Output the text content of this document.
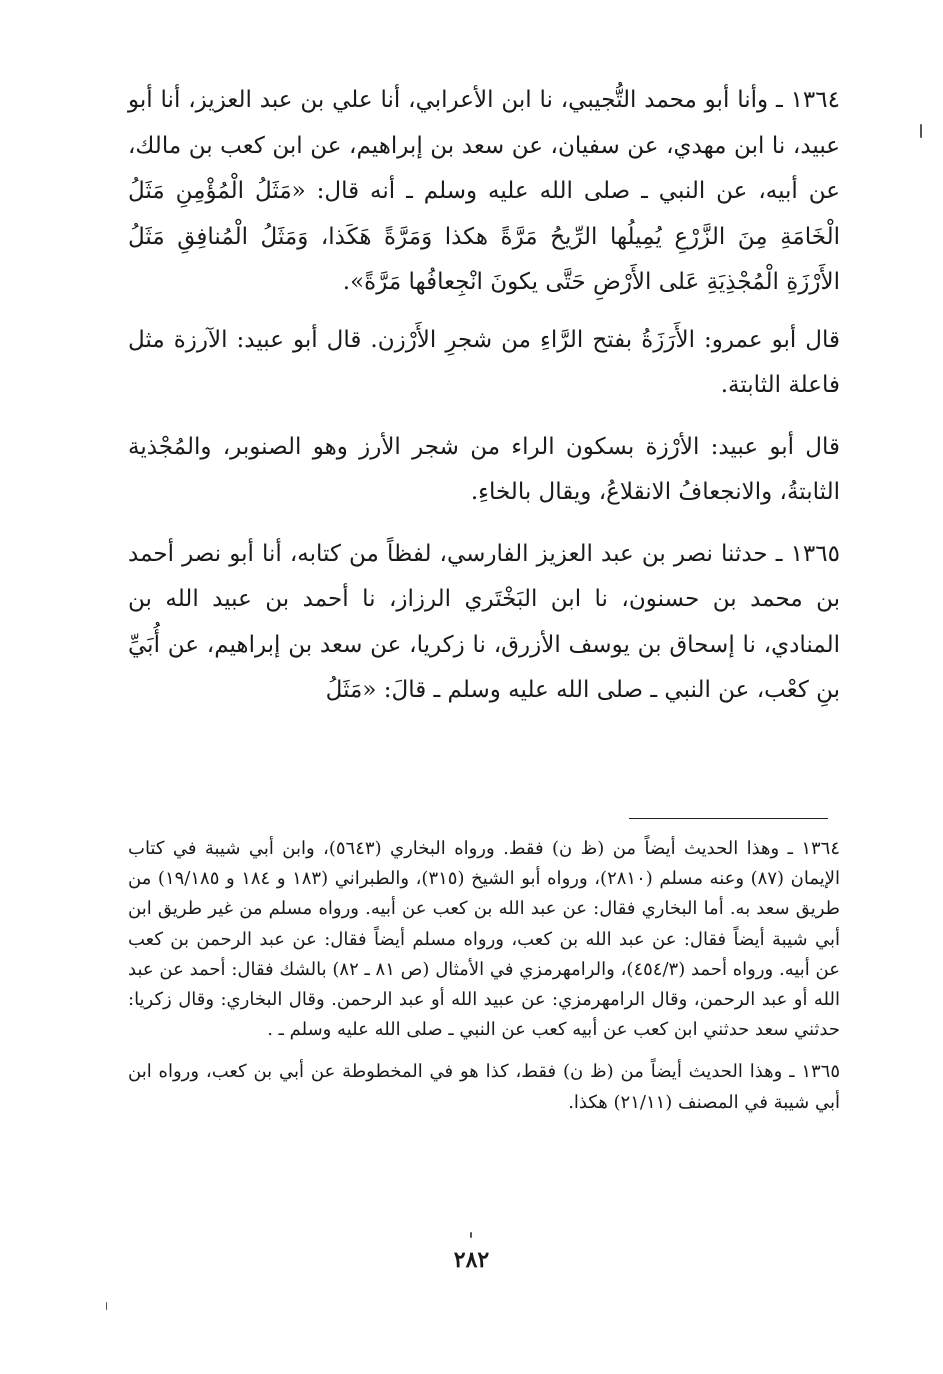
١٣٦٤ ـ وأنا أبو محمد التُّجيبي، نا ابن الأعرابي، أنا علي بن عبد العزيز، أنا أبو عبيد، نا ابن مهدي، عن سفيان، عن سعد بن إبراهيم، عن ابن كعب بن مالك، عن أبيه، عن النبي ـ صلى الله عليه وسلم ـ أنه قال: «مَثَلُ الْمُؤْمِنِ مَثَلُ الْخَامَةِ مِنَ الزَّرْعِ يُمِيلُها الرِّيحُ مَرَّةً هكذا وَمَرَّةً هَكَذا، وَمَثَلُ الْمُنافِقِ مَثَلُ الأَرْزَةِ الْمُجْذِيَةِ عَلى الأَرْضِ حَتَّى يكونَ انْجِعافُها مَرَّةً».

قال أبو عمرو: الأَرَزَةُ بفتح الرَّاءِ من شجرِ الأَرْزن. قال أبو عبيد: الآرزة مثل فاعلة الثابتة.

قال أبو عبيد: الأرْزة بسكون الراء من شجر الأرز وهو الصنوبر، والمُجْذية الثابتةُ، والانجعافُ الانقلاعُ، ويقال بالخاءِ.

١٣٦٥ ـ حدثنا نصر بن عبد العزيز الفارسي، لفظاً من كتابه، أنا أبو نصر أحمد بن محمد بن حسنون، نا ابن البَخْتَري الرزاز، نا أحمد بن عبيد الله بن المنادي، نا إسحاق بن يوسف الأزرق، نا زكريا، عن سعد بن إبراهيم، عن أُبَيِّ بنِ كعْب، عن النبي ـ صلى الله عليه وسلم ـ قالَ: «مَثَلُ

١٣٦٤ ـ وهذا الحديث أيضاً من (ظ ن) فقط. ورواه البخاري (٥٦٤٣)، وابن أبي شيبة في كتاب الإيمان (٨٧) وعنه مسلم (٢٨١٠)، ورواه أبو الشيخ (٣١٥)، والطبراني (١٨٣ و ١٨٤ و ١٩/١٨٥) من طريق سعد به. أما البخاري فقال: عن عبد الله بن كعب عن أبيه. ورواه مسلم من غير طريق ابن أبي شيبة أيضاً فقال: عن عبد الله بن كعب، ورواه مسلم أيضاً فقال: عن عبد الرحمن بن كعب عن أبيه. ورواه أحمد (٤٥٤/٣)، والرامهرمزي في الأمثال (ص ٨١ ـ ٨٢) بالشك فقال: أحمد عن عبد الله أو عبد الرحمن، وقال الرامهرمزي: عن عبيد الله أو عبد الرحمن. وقال البخاري: وقال زكريا: حدثني سعد حدثني ابن كعب عن أبيه كعب عن النبي ـ صلى الله عليه وسلم ـ .

١٣٦٥ ـ وهذا الحديث أيضاً من (ظ ن) فقط، كذا هو في المخطوطة عن أبي بن كعب، ورواه ابن أبي شيبة في المصنف (٢١/١١) هكذا.

٢٨٢
